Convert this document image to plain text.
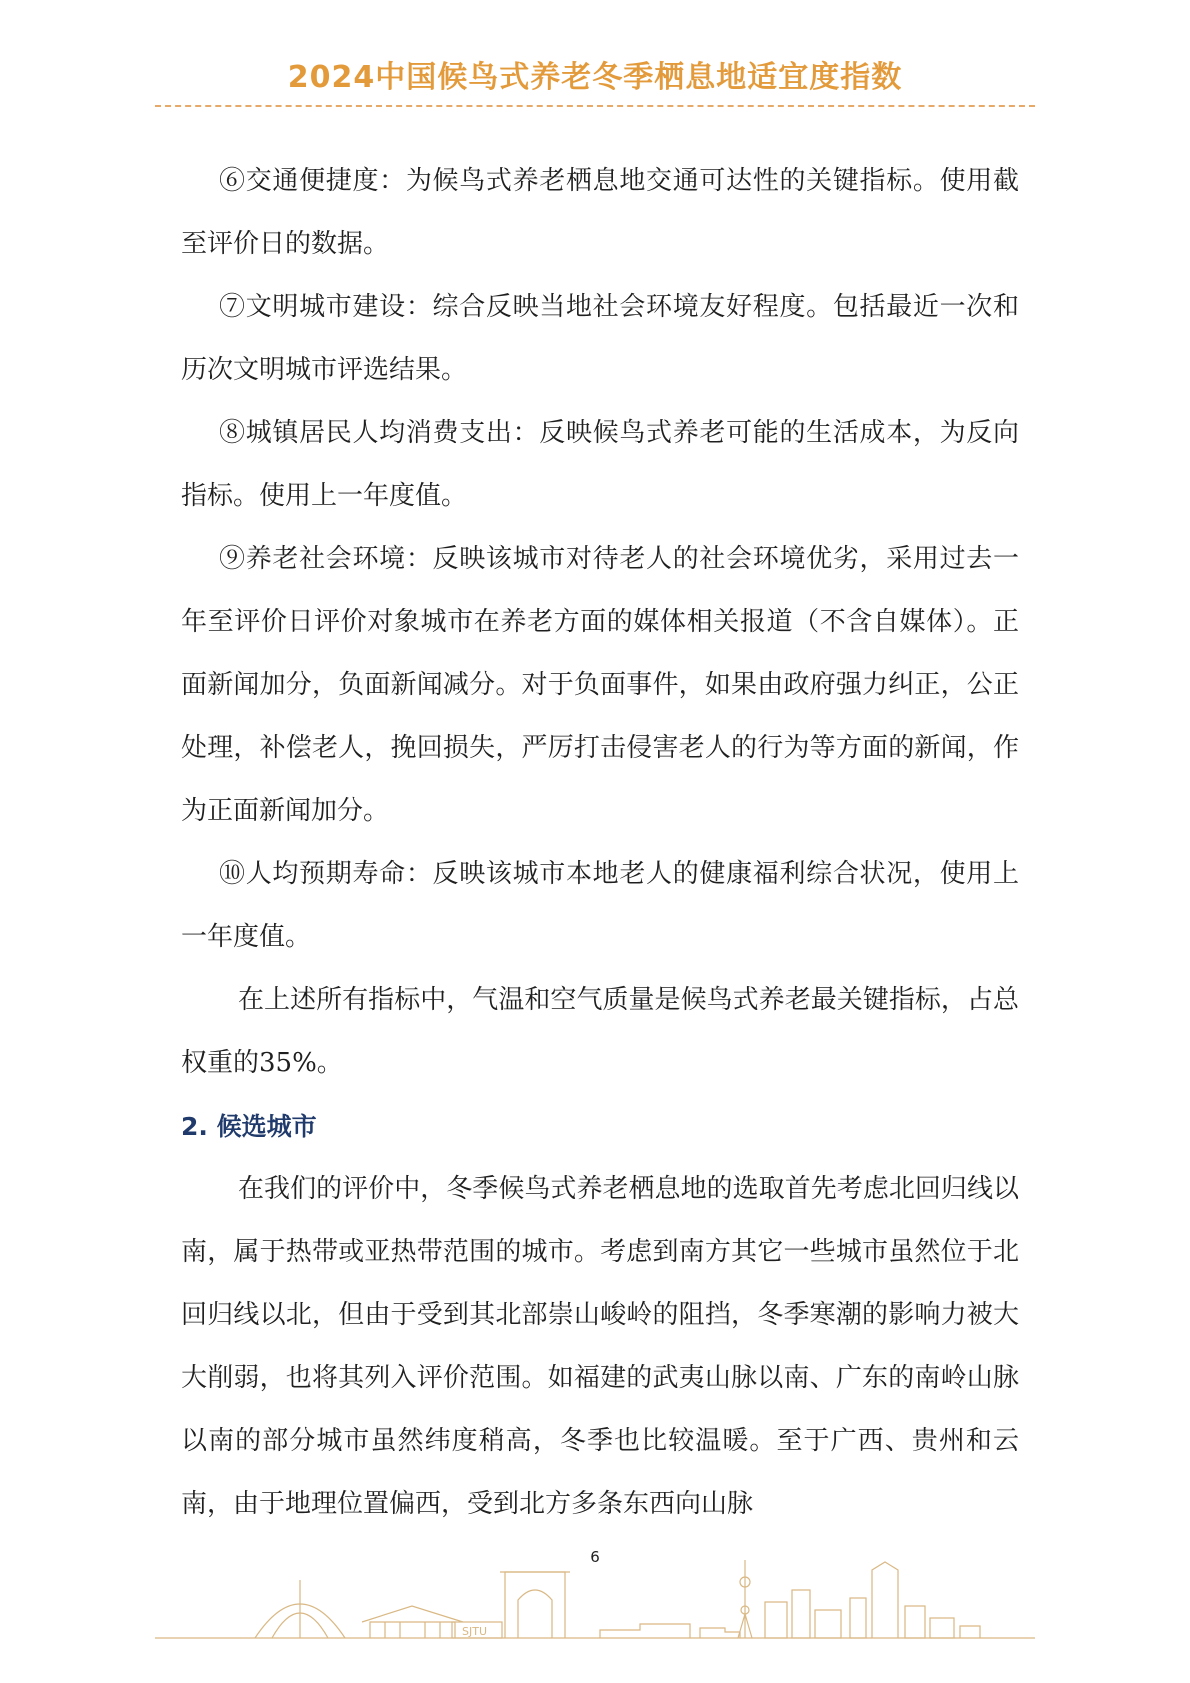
2024中国候鸟式养老冬季栖息地适宜度指数

⑥交通便捷度：为候鸟式养老栖息地交通可达性的关键指标。使用截至评价日的数据。

⑦文明城市建设：综合反映当地社会环境友好程度。包括最近一次和历次文明城市评选结果。

⑧城镇居民人均消费支出：反映候鸟式养老可能的生活成本，为反向指标。使用上一年度值。

⑨养老社会环境：反映该城市对待老人的社会环境优劣，采用过去一年至评价日评价对象城市在养老方面的媒体相关报道（不含自媒体）。正面新闻加分，负面新闻减分。对于负面事件，如果由政府强力纠正，公正处理，补偿老人，挽回损失，严厉打击侵害老人的行为等方面的新闻，作为正面新闻加分。

⑩人均预期寿命：反映该城市本地老人的健康福利综合状况，使用上一年度值。

在上述所有指标中，气温和空气质量是候鸟式养老最关键指标，占总权重的35%。

2. 候选城市

在我们的评价中，冬季候鸟式养老栖息地的选取首先考虑北回归线以南，属于热带或亚热带范围的城市。考虑到南方其它一些城市虽然位于北回归线以北，但由于受到其北部崇山峻岭的阻挡，冬季寒潮的影响力被大大削弱，也将其列入评价范围。如福建的武夷山脉以南、广东的南岭山脉以南的部分城市虽然纬度稍高，冬季也比较温暖。至于广西、贵州和云南，由于地理位置偏西，受到北方多条东西向山脉

6
SJTU
